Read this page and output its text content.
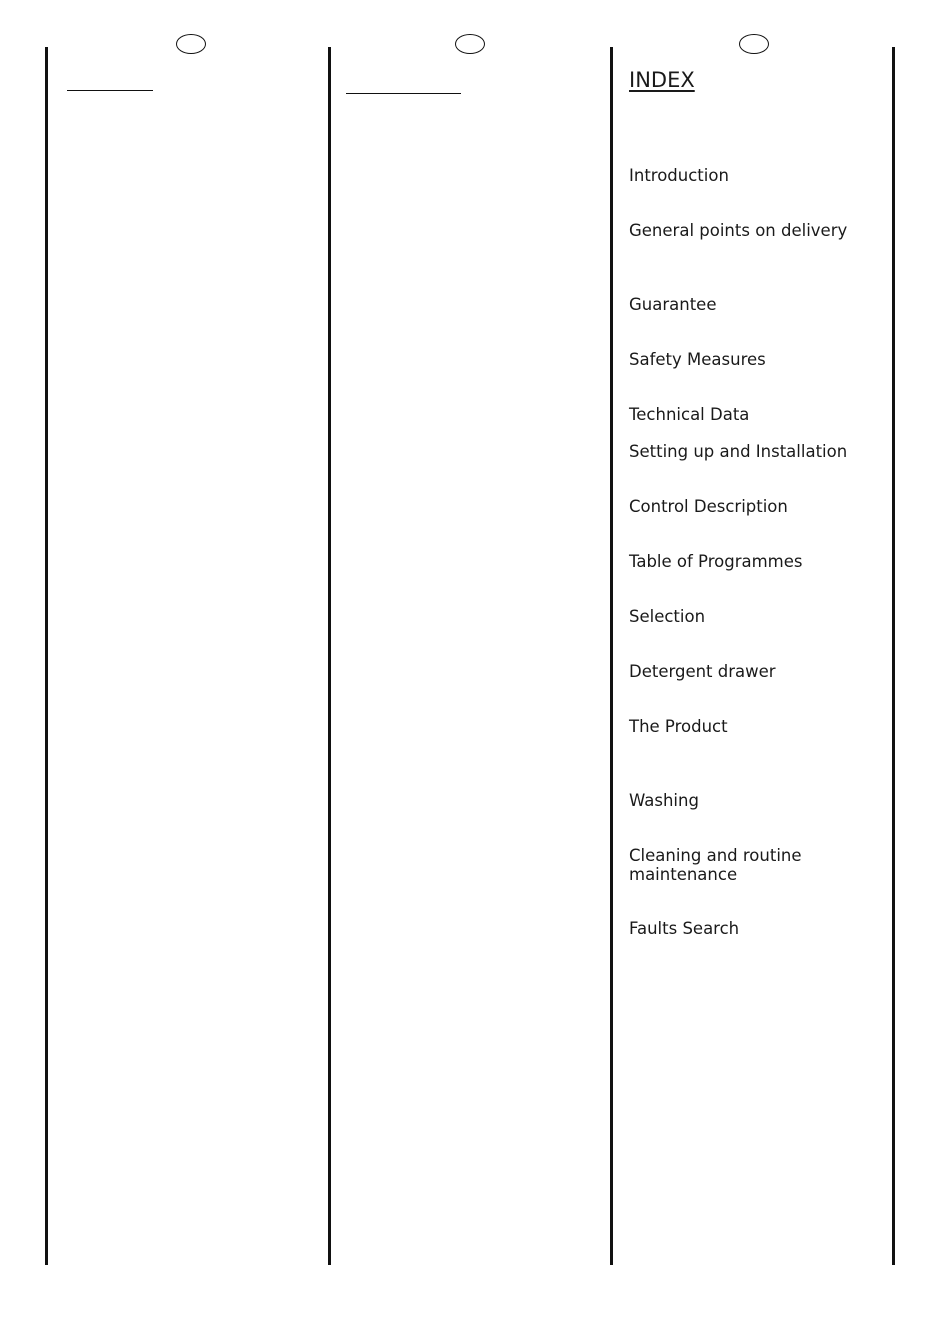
INDEX
Introduction
General points on delivery
Guarantee
Safety Measures
Technical Data
Setting up and Installation
Control Description
Table of Programmes
Selection
Detergent drawer
The Product
Washing
Cleaning and routine
maintenance
Faults Search
